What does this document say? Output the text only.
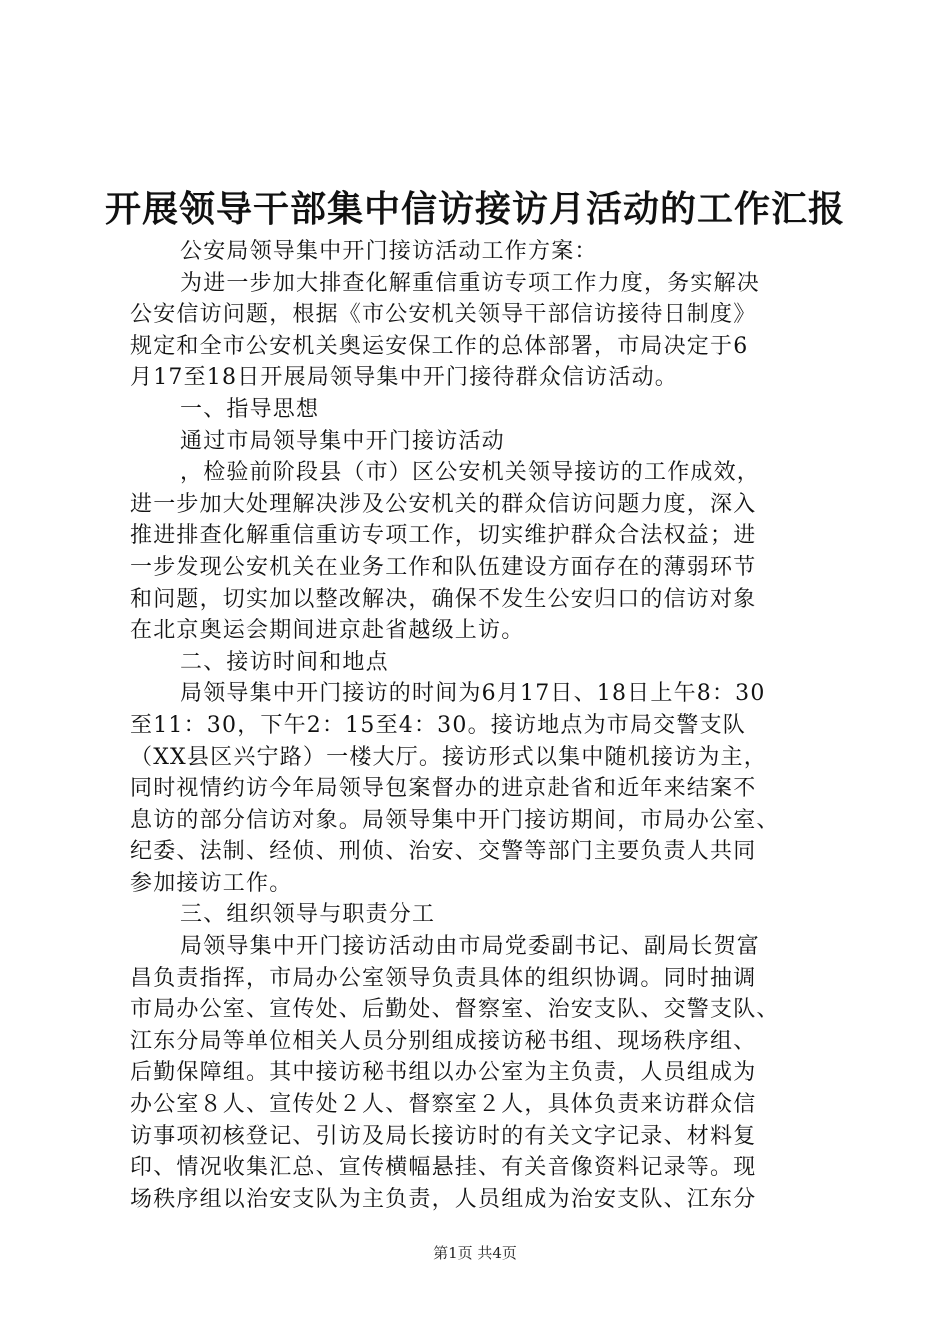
开展领导干部集中信访接访月活动的工作汇报
公安局领导集中开门接访活动工作方案：
为进一步加大排查化解重信重访专项工作力度，务实解决
公安信访问题，根据《市公安机关领导干部信访接待日制度》
规定和全市公安机关奥运安保工作的总体部署，市局决定于6
月17至18日开展局领导集中开门接待群众信访活动。
一、指导思想
通过市局领导集中开门接访活动
，检验前阶段县（市）区公安机关领导接访的工作成效，
进一步加大处理解决涉及公安机关的群众信访问题力度，深入
推进排查化解重信重访专项工作，切实维护群众合法权益；进
一步发现公安机关在业务工作和队伍建设方面存在的薄弱环节
和问题，切实加以整改解决，确保不发生公安归口的信访对象
在北京奥运会期间进京赴省越级上访。
二、接访时间和地点
局领导集中开门接访的时间为6月17日、18日上午8：30
至11：30，下午2：15至4：30。接访地点为市局交警支队
（XX县区兴宁路）一楼大厅。接访形式以集中随机接访为主，
同时视情约访今年局领导包案督办的进京赴省和近年来结案不
息访的部分信访对象。局领导集中开门接访期间，市局办公室、
纪委、法制、经侦、刑侦、治安、交警等部门主要负责人共同
参加接访工作。
三、组织领导与职责分工
局领导集中开门接访活动由市局党委副书记、副局长贺富
昌负责指挥，市局办公室领导负责具体的组织协调。同时抽调
市局办公室、宣传处、后勤处、督察室、治安支队、交警支队、
江东分局等单位相关人员分别组成接访秘书组、现场秩序组、
后勤保障组。其中接访秘书组以办公室为主负责，人员组成为
办公室８人、宣传处２人、督察室２人，具体负责来访群众信
访事项初核登记、引访及局长接访时的有关文字记录、材料复
印、情况收集汇总、宣传横幅悬挂、有关音像资料记录等。现
场秩序组以治安支队为主负责，人员组成为治安支队、江东分
第1页 共4页
